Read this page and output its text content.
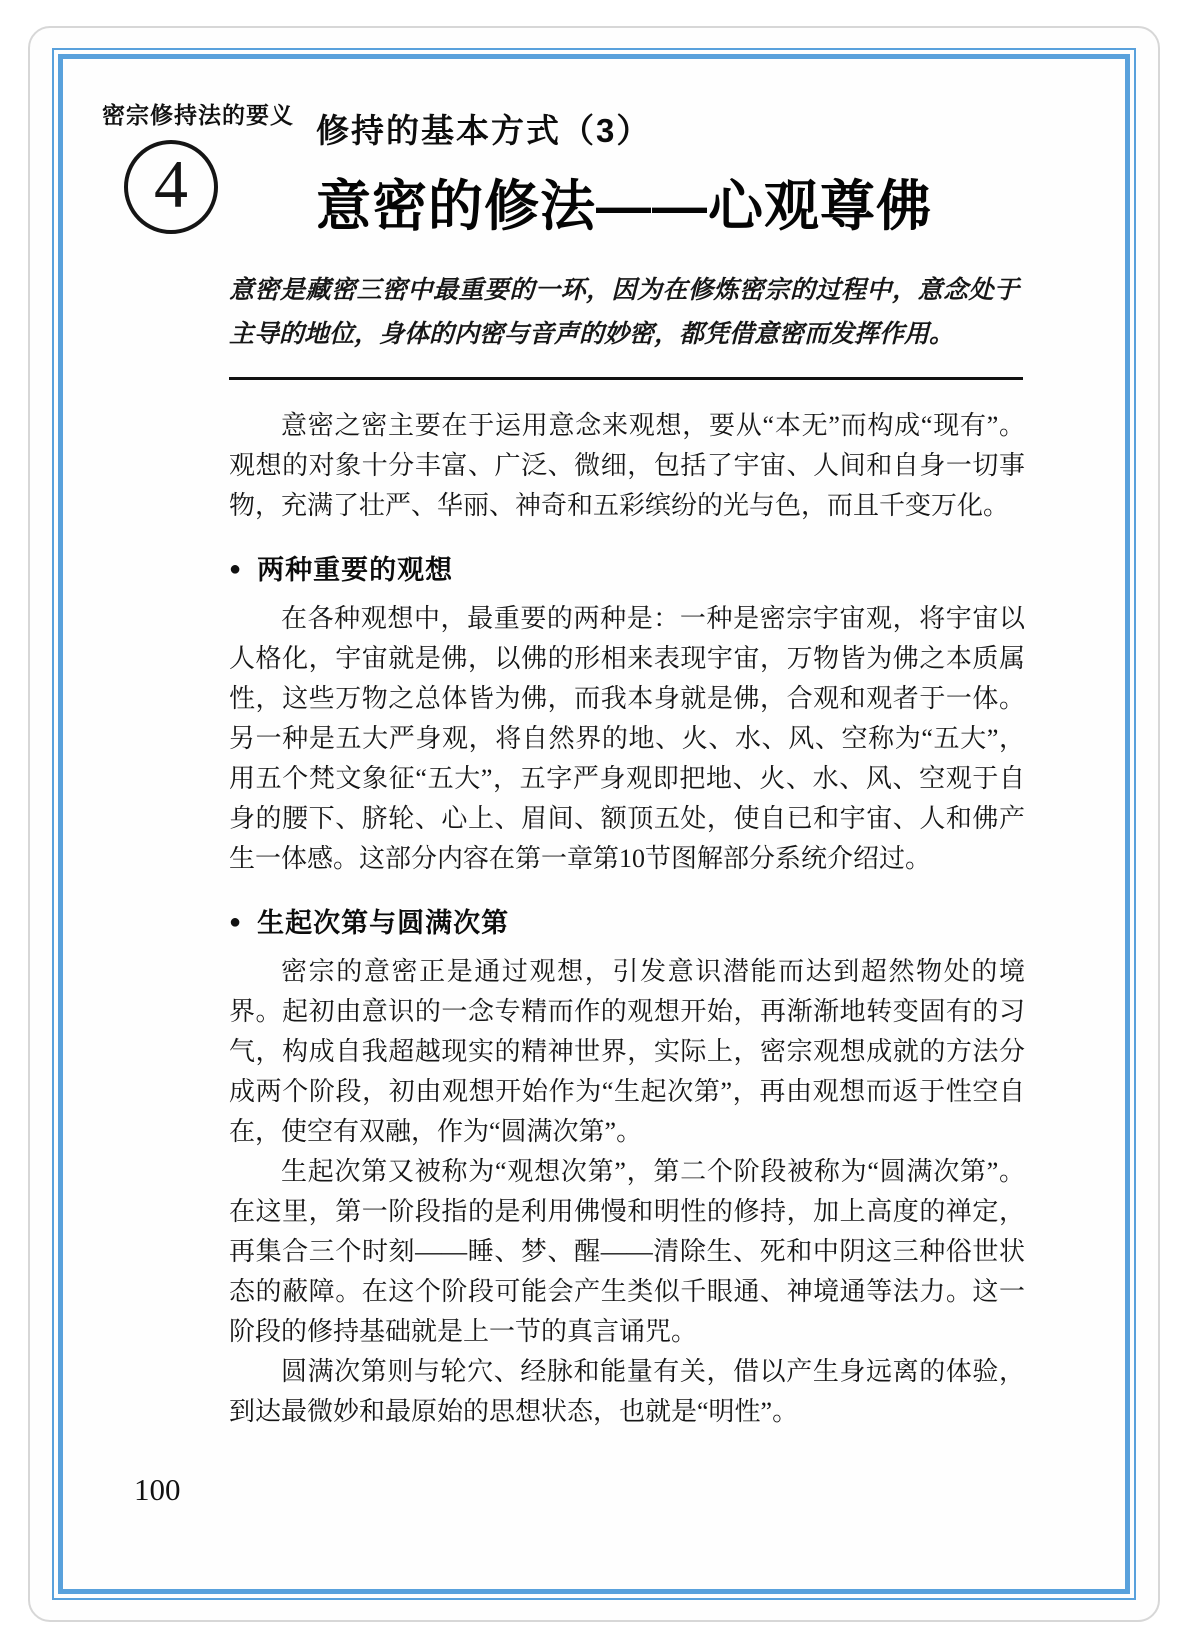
密宗修持法的要义
4
修持的基本方式（3）
意密的修法——心观尊佛
意密是藏密三密中最重要的一环，因为在修炼密宗的过程中，意念处于主导的地位，身体的内密与音声的妙密，都凭借意密而发挥作用。

意密之密主要在于运用意念来观想，要从“本无”而构成“现有”。观想的对象十分丰富、广泛、微细，包括了宇宙、人间和自身一切事物，充满了壮严、华丽、神奇和五彩缤纷的光与色，而且千变万化。

● 两种重要的观想

在各种观想中，最重要的两种是：一种是密宗宇宙观，将宇宙以人格化，宇宙就是佛，以佛的形相来表现宇宙，万物皆为佛之本质属性，这些万物之总体皆为佛，而我本身就是佛，合观和观者于一体。另一种是五大严身观，将自然界的地、火、水、风、空称为“五大”，用五个梵文象征“五大”，五字严身观即把地、火、水、风、空观于自身的腰下、脐轮、心上、眉间、额顶五处，使自已和宇宙、人和佛产生一体感。这部分内容在第一章第10节图解部分系统介绍过。

● 生起次第与圆满次第

密宗的意密正是通过观想，引发意识潜能而达到超然物处的境界。起初由意识的一念专精而作的观想开始，再渐渐地转变固有的习气，构成自我超越现实的精神世界，实际上，密宗观想成就的方法分成两个阶段，初由观想开始作为“生起次第”，再由观想而返于性空自在，使空有双融，作为“圆满次第”。

生起次第又被称为“观想次第”，第二个阶段被称为“圆满次第”。在这里，第一阶段指的是利用佛慢和明性的修持，加上高度的禅定，再集合三个时刻——睡、梦、醒——清除生、死和中阴这三种俗世状态的蔽障。在这个阶段可能会产生类似千眼通、神境通等法力。这一阶段的修持基础就是上一节的真言诵咒。

圆满次第则与轮穴、经脉和能量有关，借以产生身远离的体验，到达最微妙和最原始的思想状态，也就是“明性”。

100
